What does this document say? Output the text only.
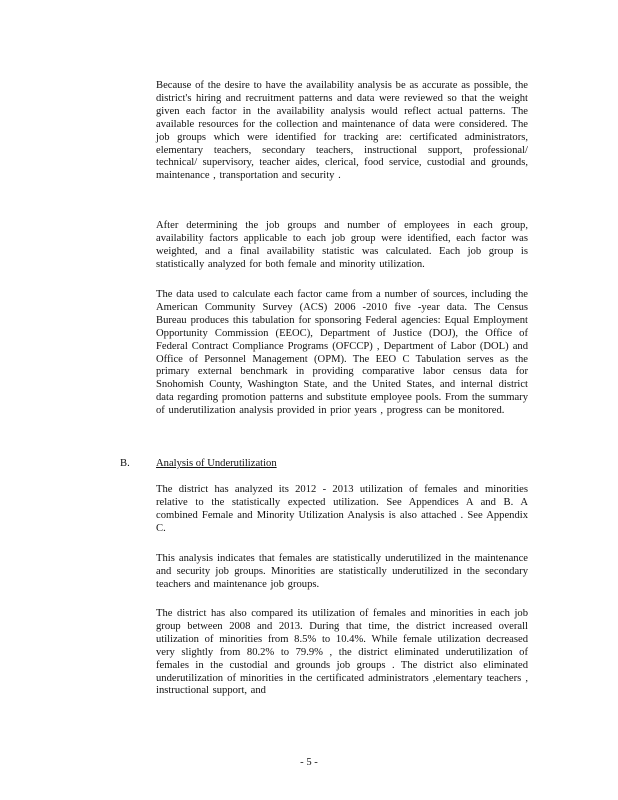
Because of the desire to have the availability analysis be as accurate as possible, the district's hiring and recruitment patterns and data were reviewed so that the weight given each factor in the availability analysis would reflect actual patterns. The available resources for the collection and maintenance of data were considered. The job groups which were identified for tracking are: certificated administrators, elementary teachers, secondary teachers, instructional support, professional/ technical/ supervisory, teacher aides, clerical, food service, custodial and grounds, maintenance , transportation and security .

After determining the job groups and number of employees in each group, availability factors applicable to each job group were identified, each factor was weighted, and a final availability statistic was calculated. Each job group is statistically analyzed for both female and minority utilization.

The data used to calculate each factor came from a number of sources, including the American Community Survey (ACS) 2006 -2010 five -year data. The Census Bureau produces this tabulation for sponsoring Federal agencies: Equal Employment Opportunity Commission (EEOC), Department of Justice (DOJ), the Office of Federal Contract Compliance Programs (OFCCP) , Department of Labor (DOL) and Office of Personnel Management (OPM). The EEO C Tabulation serves as the primary external benchmark in providing comparative labor census data for Snohomish County, Washington State, and the United States, and internal district data regarding promotion patterns and substitute employee pools. From the summary of underutilization analysis provided in prior years , progress can be monitored.

B. Analysis of Underutilization

The district has analyzed its 2012 - 2013 utilization of females and minorities relative to the statistically expected utilization. See Appendices A and B. A combined Female and Minority Utilization Analysis is also attached . See Appendix C.

This analysis indicates that females are statistically underutilized in the maintenance and security job groups. Minorities are statistically underutilized in the secondary teachers and maintenance job groups.

The district has also compared its utilization of females and minorities in each job group between 2008 and 2013. During that time, the district increased overall utilization of minorities from 8.5% to 10.4%. While female utilization decreased very slightly from 80.2% to 79.9% , the district eliminated underutilization of females in the custodial and grounds job groups . The district also eliminated underutilization of minorities in the certificated administrators ,elementary teachers , instructional support, and

- 5 -
